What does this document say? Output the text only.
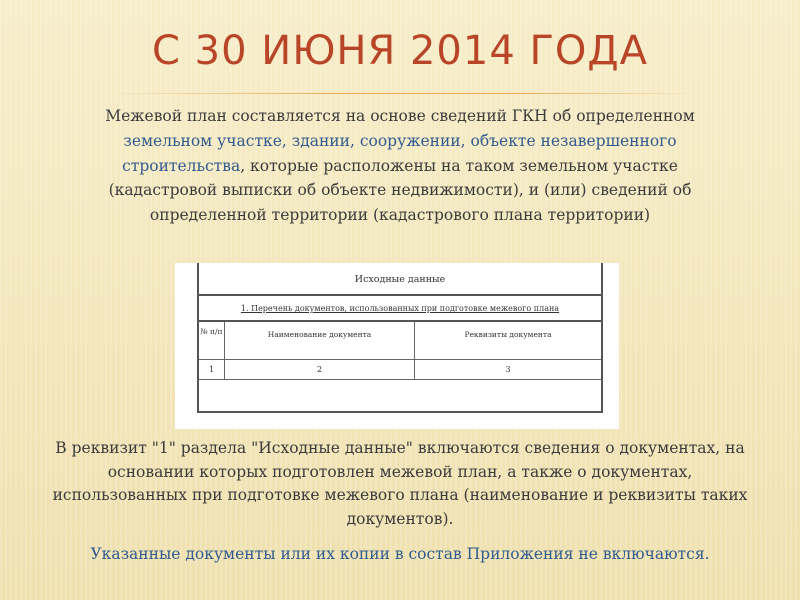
С 30 ИЮНЯ 2014 ГОДА
Межевой план составляется на основе сведений ГКН об определенном земельном участке, здании, сооружении, объекте незавершенного строительства, которые расположены на таком земельном участке (кадастровой выписки об объекте недвижимости), и (или) сведений об определенной территории (кадастрового плана территории)
Исходные данные
1. Перечень документов, использованных при подготовке межевого плана
№ п/п	Наименование документа	Реквизиты документа
1	2	3
В реквизит "1" раздела "Исходные данные" включаются сведения о документах, на основании которых подготовлен межевой план, а также о документах, использованных при подготовке межевого плана (наименование и реквизиты таких документов).
Указанные документы или их копии в состав Приложения не включаются.
